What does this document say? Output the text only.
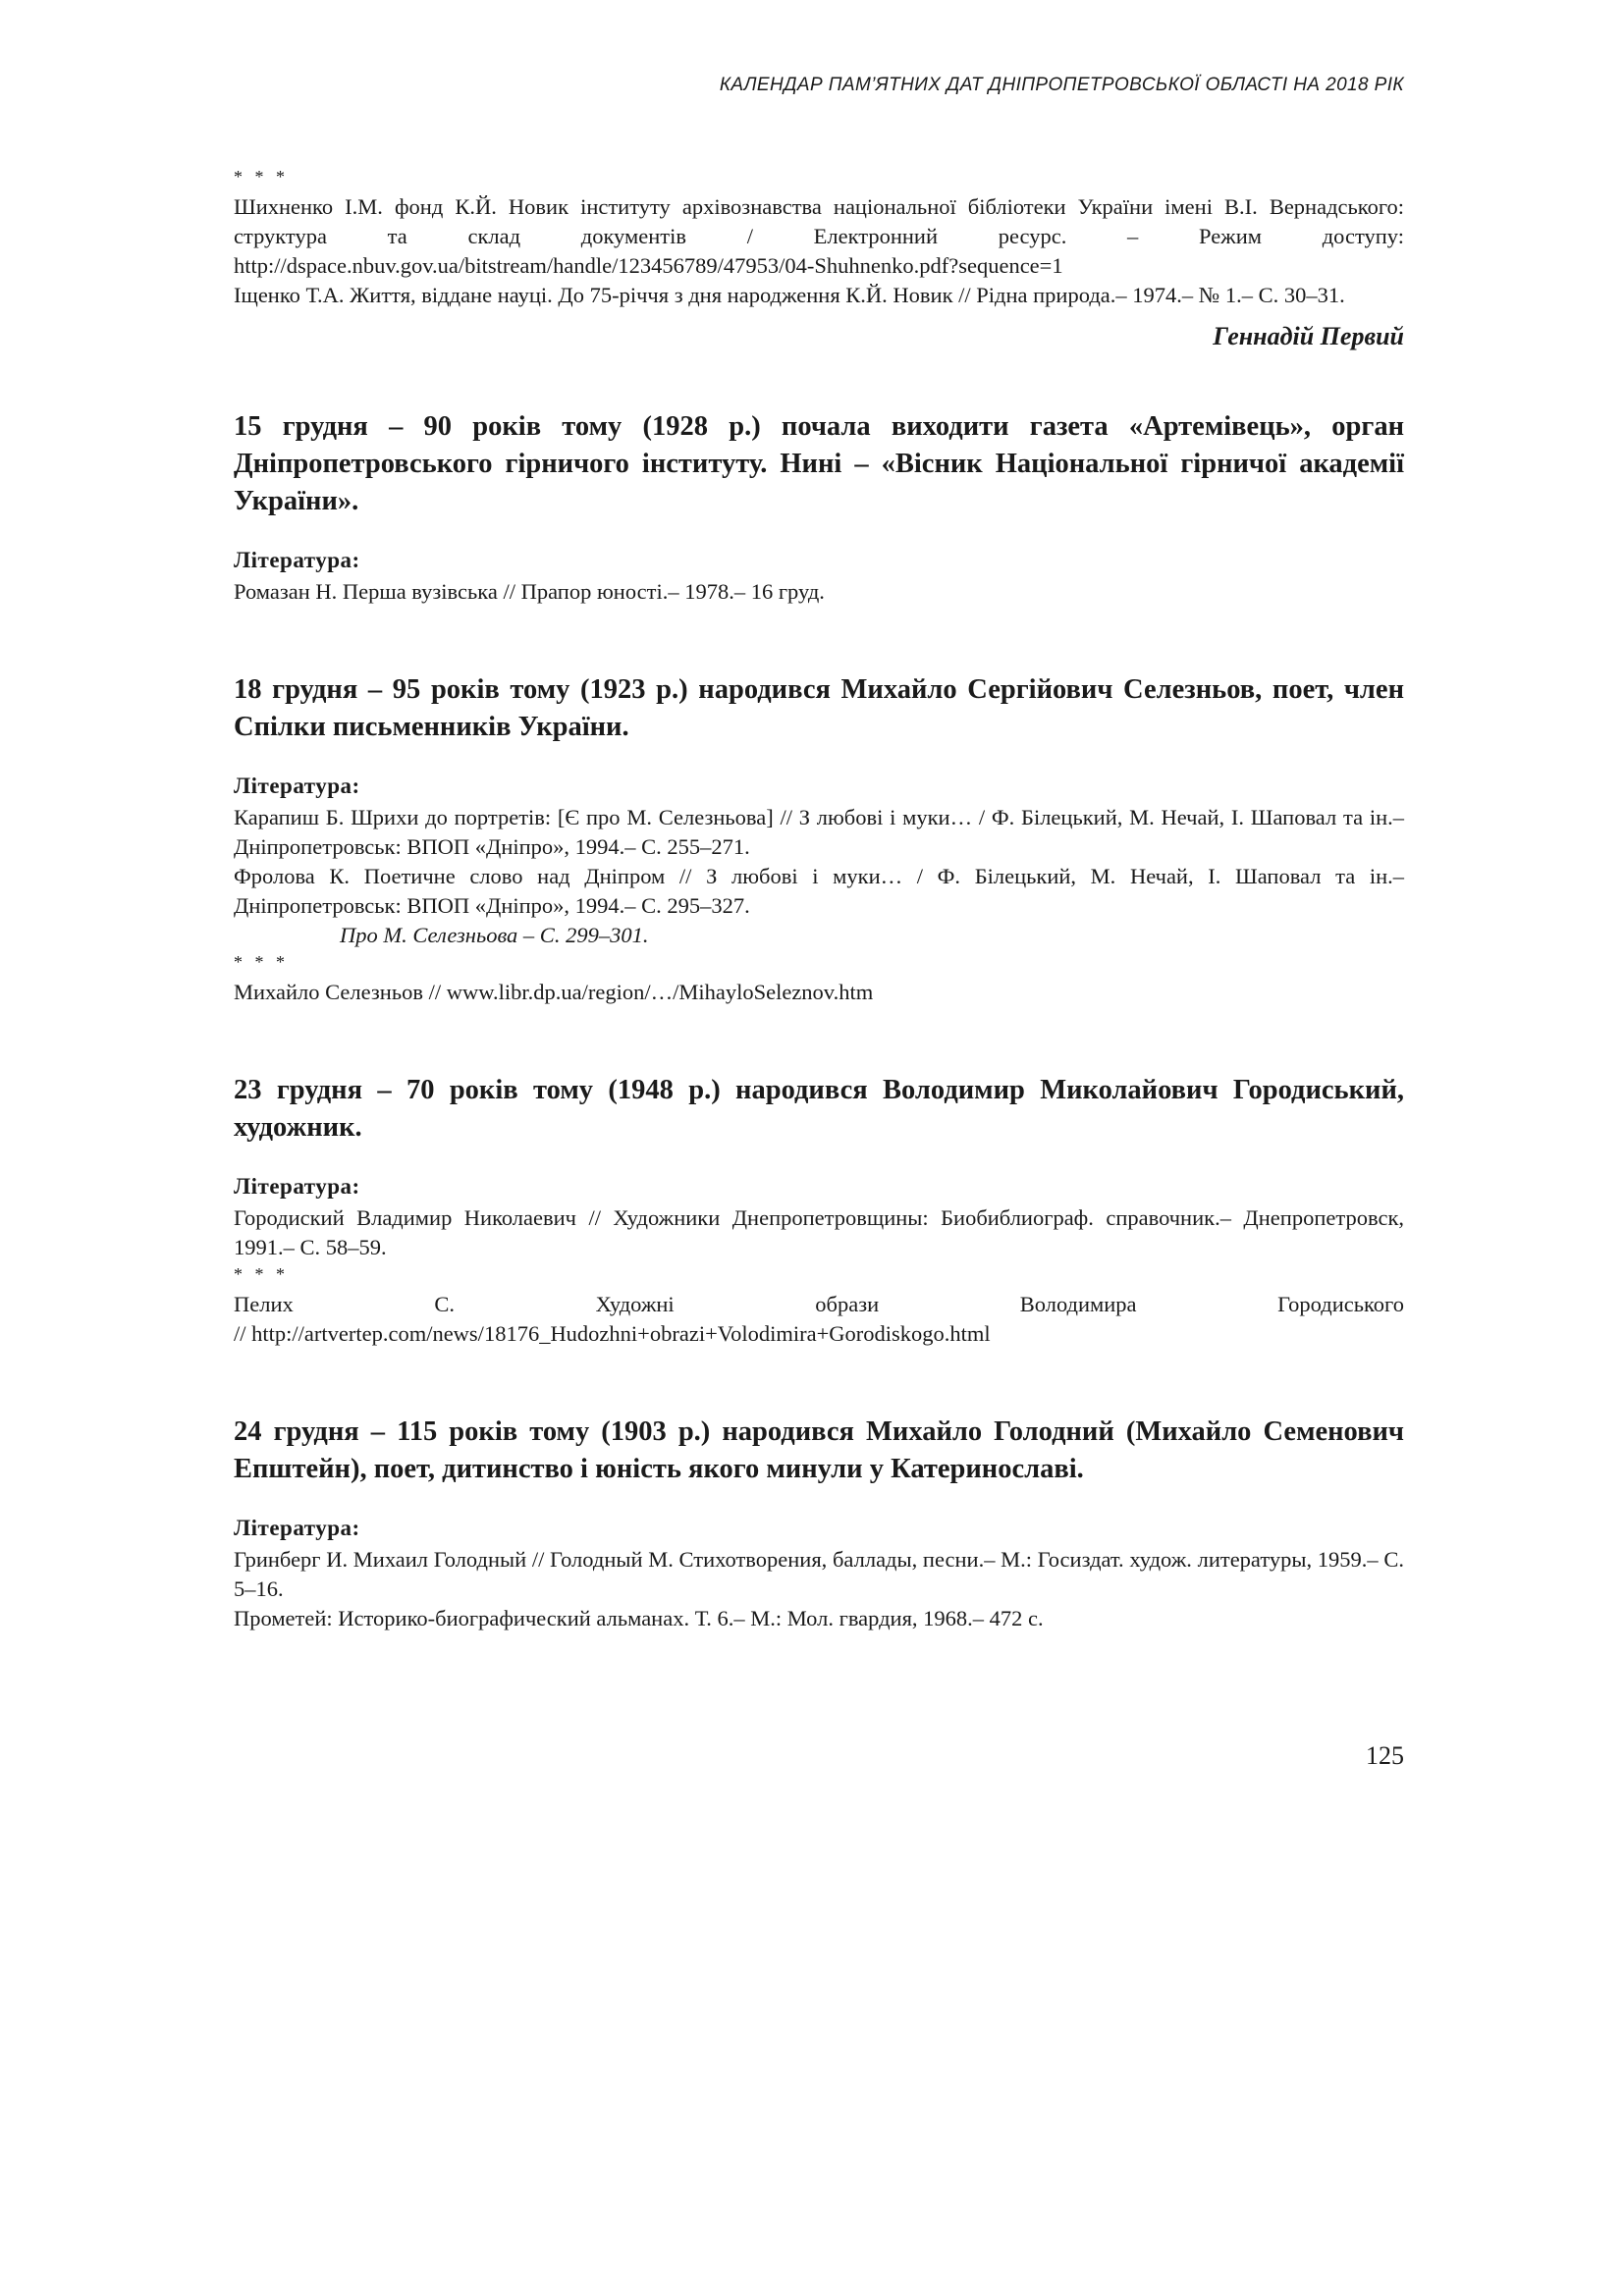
КАЛЕНДАР ПАМ’ЯТНИХ ДАТ ДНІПРОПЕТРОВСЬКОЇ ОБЛАСТІ НА 2018 РІК
* * *

Шихненко І.М. фонд К.Й. Новик інституту архівознавства національної бібліотеки України імені В.І. Вернадського: структура та склад документів / Електронний ресурс. – Режим доступу: http://dspace.nbuv.gov.ua/bitstream/handle/123456789/47953/04-Shuhnenko.pdf?sequence=1

Іщенко Т.А. Життя, віддане науці. До 75-річчя з дня народження К.Й. Новик // Рідна природа.– 1974.– № 1.– С. 30–31.

Геннадій Первий

15 грудня – 90 років тому (1928 р.) почала виходити газета «Артемівець», орган Дніпропетровського гірничого інституту. Нині – «Вісник Національної гірничої академії України».

Література:

Ромазан Н. Перша вузівська // Прапор юності.– 1978.– 16 груд.

18 грудня – 95 років тому (1923 р.) народився Михайло Сергійович Селезньов, поет, член Спілки письменників України.

Література:

Карапиш Б. Шрихи до портретів: [Є про М. Селезньова] // З любові і муки… / Ф. Білецький, М. Нечай, І. Шаповал та ін.–Дніпропетровськ: ВПОП «Дніпро», 1994.– С. 255–271.

Фролова К. Поетичне слово над Дніпром // З любові і муки… / Ф. Білецький, М. Нечай, І. Шаповал та ін.– Дніпропетровськ: ВПОП «Дніпро», 1994.– С. 295–327.

Про М. Селезньова – С. 299–301.

* * *

Михайло Селезньов // www.libr.dp.ua/region/…/MihayloSeleznov.htm

23 грудня – 70 років тому (1948 р.) народився Володимир Миколайович Городиський, художник.

Література:

Городиский Владимир Николаевич // Художники Днепропетровщины: Биобиблиограф. справочник.– Днепропетровск, 1991.– С. 58–59.

* * *
Пелих	С.	Художні	образи	Володимира	Городиського

// http://artvertep.com/news/18176_Hudozhni+obrazi+Volodimira+Gorodiskogo.html

24 грудня – 115 років тому (1903 р.) народився Михайло Голодний (Михайло Семенович Епштейн), поет, дитинство і юність якого минули у Катеринославі.

Література:

Гринберг И. Михаил Голодный // Голодный М. Стихотворения, баллады, песни.– М.: Госиздат. худож. литературы, 1959.– С. 5–16.

Прометей: Историко-биографический альманах. Т. 6.– М.: Мол. гвардия, 1968.– 472 с.

125
